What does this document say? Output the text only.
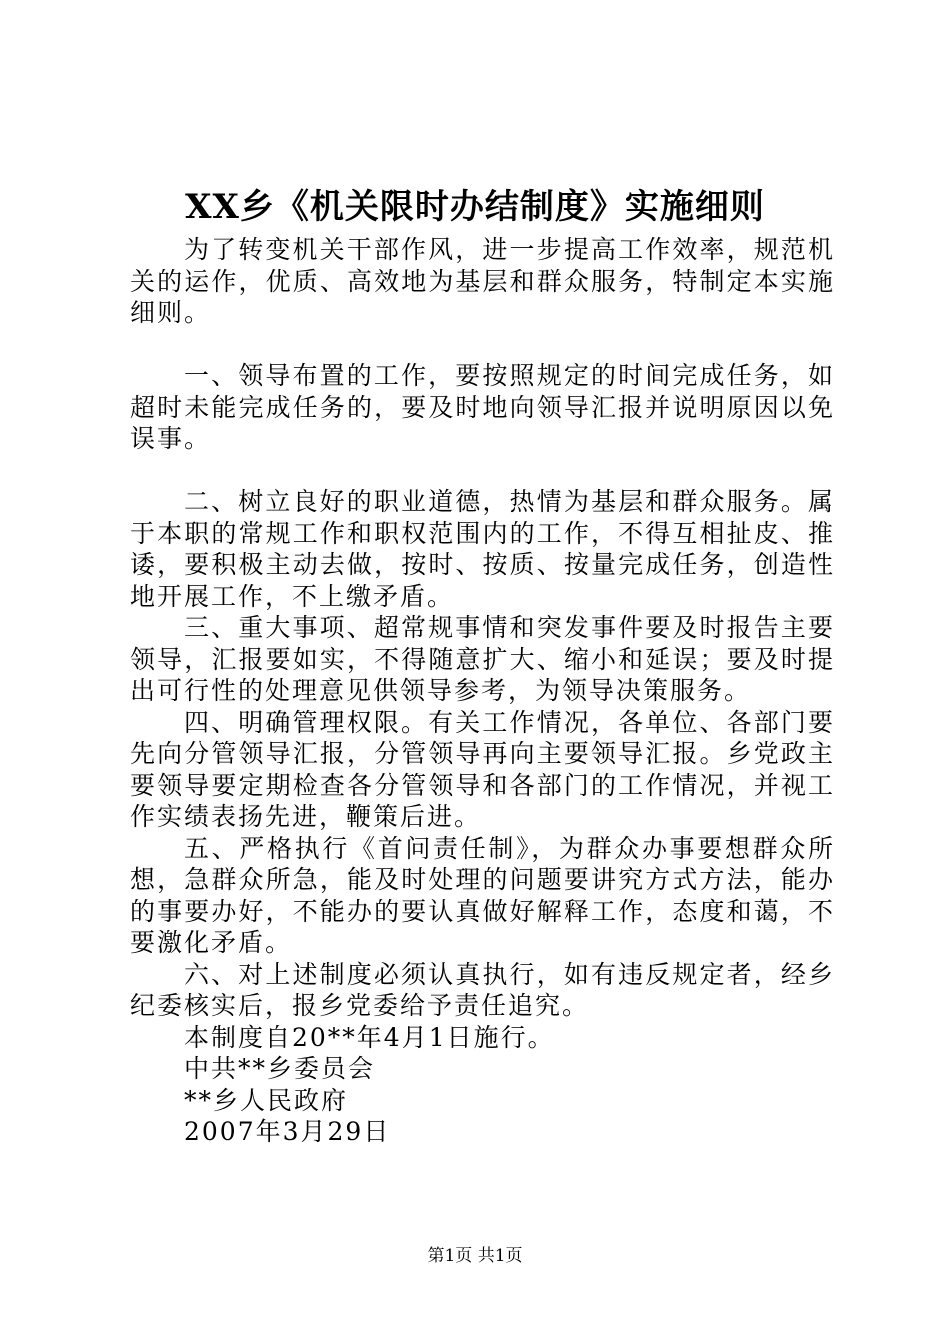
XX乡《机关限时办结制度》实施细则

为了转变机关干部作风，进一步提高工作效率，规范机关的运作，优质、高效地为基层和群众服务，特制定本实施细则。

一、领导布置的工作，要按照规定的时间完成任务，如超时未能完成任务的，要及时地向领导汇报并说明原因以免误事。

二、树立良好的职业道德，热情为基层和群众服务。属于本职的常规工作和职权范围内的工作，不得互相扯皮、推诿，要积极主动去做，按时、按质、按量完成任务，创造性地开展工作，不上缴矛盾。

三、重大事项、超常规事情和突发事件要及时报告主要领导，汇报要如实，不得随意扩大、缩小和延误；要及时提出可行性的处理意见供领导参考，为领导决策服务。

四、明确管理权限。有关工作情况，各单位、各部门要先向分管领导汇报，分管领导再向主要领导汇报。乡党政主要领导要定期检查各分管领导和各部门的工作情况，并视工作实绩表扬先进，鞭策后进。

五、严格执行《首问责任制》，为群众办事要想群众所想，急群众所急，能及时处理的问题要讲究方式方法，能办的事要办好，不能办的要认真做好解释工作，态度和蔼，不要激化矛盾。

六、对上述制度必须认真执行，如有违反规定者，经乡纪委核实后，报乡党委给予责任追究。

本制度自20**年4月1日施行。

中共**乡委员会

**乡人民政府

2007年3月29日

第1页 共1页
